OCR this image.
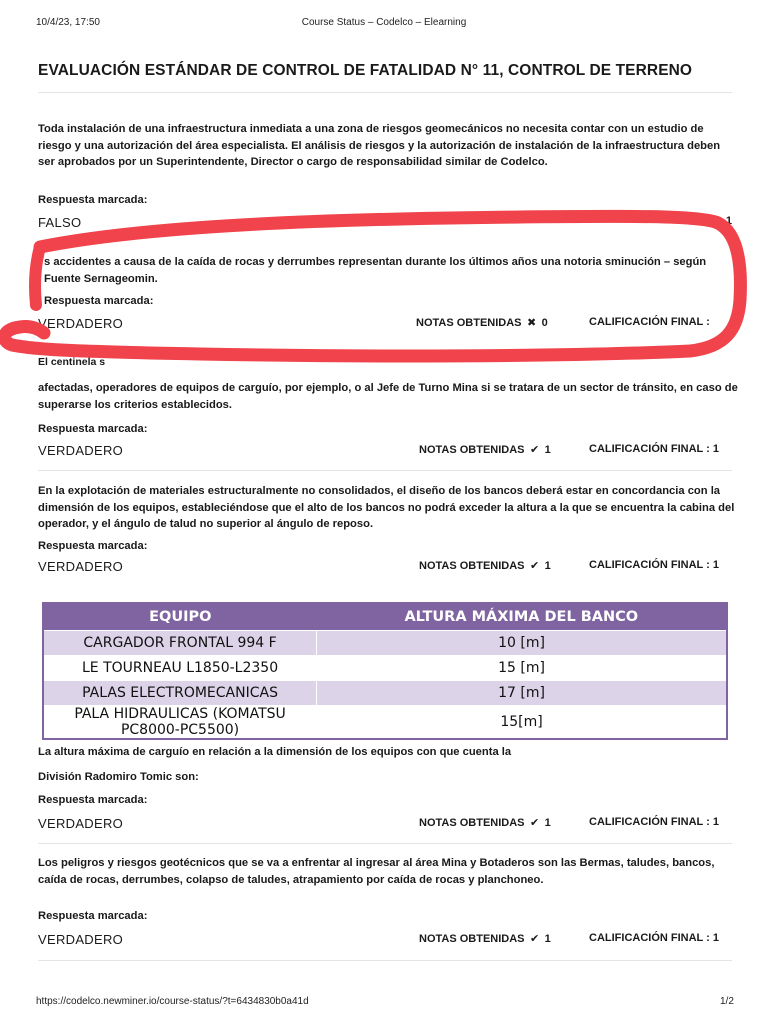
10/4/23, 17:50	Course Status – Codelco – Elearning
EVALUACIÓN ESTÁNDAR DE CONTROL DE FATALIDAD N° 11, CONTROL DE TERRENO
Toda instalación de una infraestructura inmediata a una zona de riesgos geomecánicos no necesita contar con un estudio de riesgo y una autorización del área especialista. El análisis de riesgos y la autorización de instalación de la infraestructura deben ser aprobados por un Superintendente, Director o cargo de responsabilidad similar de Codelco.
Respuesta marcada:
FALSO	1
s accidentes a causa de la caída de rocas y derrumbes representan durante los últimos años una notoria sminución – según Fuente Sernageomin.
Respuesta marcada:
VERDADERO	NOTAS OBTENIDAS ✖ 0	CALIFICACIÓN FINAL :
El centinela s
afectadas, operadores de equipos de carguío, por ejemplo, o al Jefe de Turno Mina si se tratara de un sector de tránsito, en caso de superarse los criterios establecidos.
Respuesta marcada:
VERDADERO	NOTAS OBTENIDAS ✔ 1	CALIFICACIÓN FINAL : 1
En la explotación de materiales estructuralmente no consolidados, el diseño de los bancos deberá estar en concordancia con la dimensión de los equipos, estableciéndose que el alto de los bancos no podrá exceder la altura a la que se encuentra la cabina del operador, y el ángulo de talud no superior al ángulo de reposo.
Respuesta marcada:
VERDADERO	NOTAS OBTENIDAS ✔ 1	CALIFICACIÓN FINAL : 1
EQUIPO	ALTURA MÁXIMA DEL BANCO
CARGADOR FRONTAL 994 F	10 [m]
LE TOURNEAU L1850-L2350	15 [m]
PALAS ELECTROMECANICAS	17 [m]
PALA HIDRAULICAS (KOMATSU PC8000-PC5500)	15[m]
La altura máxima de carguío en relación a la dimensión de los equipos con que cuenta la
División Radomiro Tomic son:
Respuesta marcada:
VERDADERO	NOTAS OBTENIDAS ✔ 1	CALIFICACIÓN FINAL : 1
Los peligros y riesgos geotécnicos que se va a enfrentar al ingresar al área Mina y Botaderos son las Bermas, taludes, bancos, caída de rocas, derrumbes, colapso de taludes, atrapamiento por caída de rocas y planchoneo.
Respuesta marcada:
VERDADERO	NOTAS OBTENIDAS ✔ 1	CALIFICACIÓN FINAL : 1
https://codelco.newminer.io/course-status/?t=6434830b0a41d	1/2
